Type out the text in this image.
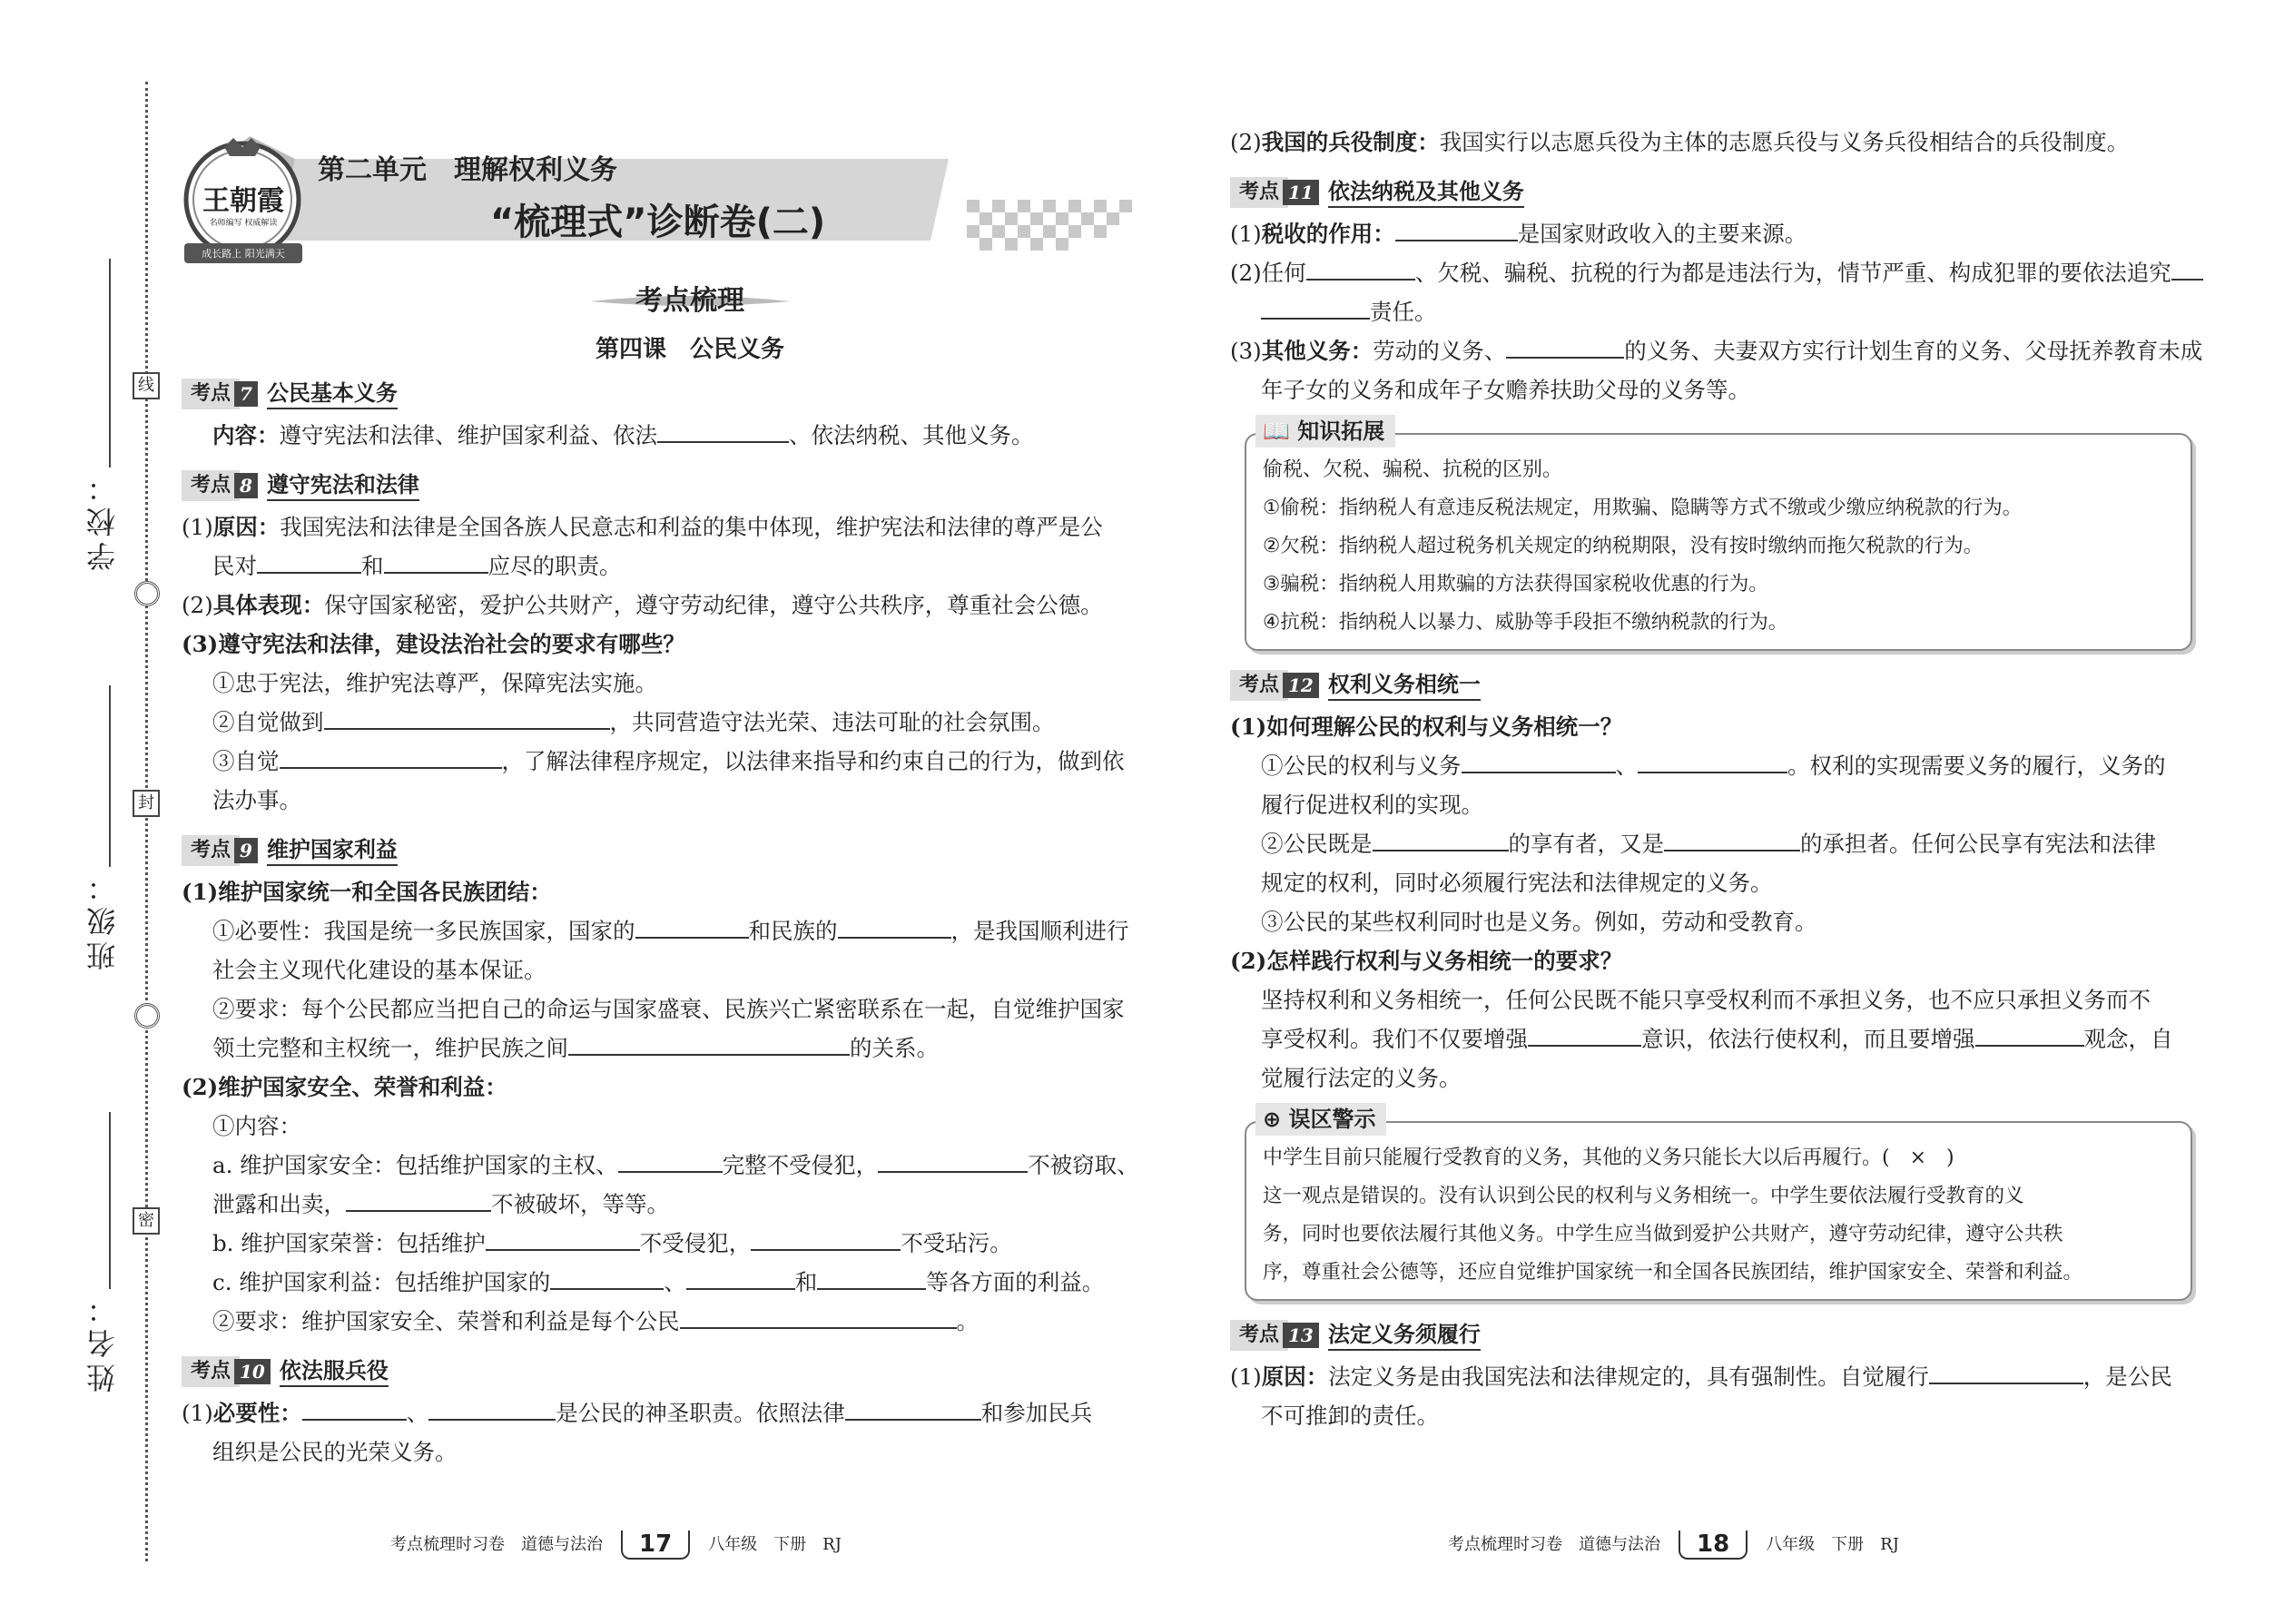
学校：
班级：
姓名：
线
封
密
王朝霞
名师编写 权威解读
成长路上 阳光满天
第二单元　理解权利义务
“梳理式”诊断卷(二)
考点梳理
第四课　公民义务
考点 7 公民基本义务

内容：遵守宪法和法律、维护国家利益、依法	、依法纳税、其他义务。

考点 8 遵守宪法和法律

(1)原因：我国宪法和法律是全国各族人民意志和利益的集中体现，维护宪法和法律的尊严是公

民对	和	应尽的职责。

(2)具体表现：保守国家秘密，爱护公共财产，遵守劳动纪律，遵守公共秩序，尊重社会公德。

(3)遵守宪法和法律，建设法治社会的要求有哪些？

①忠于宪法，维护宪法尊严，保障宪法实施。

②自觉做到	，共同营造守法光荣、违法可耻的社会氛围。

③自觉	，了解法律程序规定，以法律来指导和约束自己的行为，做到依

法办事。

考点 9 维护国家利益

(1)维护国家统一和全国各民族团结：

①必要性：我国是统一多民族国家，国家的	和民族的	，是我国顺利进行

社会主义现代化建设的基本保证。

②要求：每个公民都应当把自己的命运与国家盛衰、民族兴亡紧密联系在一起，自觉维护国家

领土完整和主权统一，维护民族之间	的关系。

(2)维护国家安全、荣誉和利益：

①内容：

a. 维护国家安全：包括维护国家的主权、	完整不受侵犯，	不被窃取、

泄露和出卖，	不被破坏，等等。

b. 维护国家荣誉：包括维护	不受侵犯，	不受玷污。

c. 维护国家利益：包括维护国家的	、	和	等各方面的利益。

②要求：维护国家安全、荣誉和利益是每个公民	。

考点 10 依法服兵役

(1)必要性：	、	是公民的神圣职责。依照法律	和参加民兵

组织是公民的光荣义务。

(2)我国的兵役制度：我国实行以志愿兵役为主体的志愿兵役与义务兵役相结合的兵役制度。

考点 11 依法纳税及其他义务

(1)税收的作用：	是国家财政收入的主要来源。

(2)任何	、欠税、骗税、抗税的行为都是违法行为，情节严重、构成犯罪的要依法追究

责任。

(3)其他义务：劳动的义务、	的义务、夫妻双方实行计划生育的义务、父母抚养教育未成

年子女的义务和成年子女赡养扶助父母的义务等。

📖 知识拓展

偷税、欠税、骗税、抗税的区别。

①偷税：指纳税人有意违反税法规定，用欺骗、隐瞒等方式不缴或少缴应纳税款的行为。

②欠税：指纳税人超过税务机关规定的纳税期限，没有按时缴纳而拖欠税款的行为。

③骗税：指纳税人用欺骗的方法获得国家税收优惠的行为。

④抗税：指纳税人以暴力、威胁等手段拒不缴纳税款的行为。

考点 12 权利义务相统一

(1)如何理解公民的权利与义务相统一？

①公民的权利与义务	、	。权利的实现需要义务的履行，义务的

履行促进权利的实现。

②公民既是	的享有者，又是	的承担者。任何公民享有宪法和法律

规定的权利，同时必须履行宪法和法律规定的义务。

③公民的某些权利同时也是义务。例如，劳动和受教育。

(2)怎样践行权利与义务相统一的要求？

坚持权利和义务相统一，任何公民既不能只享受权利而不承担义务，也不应只承担义务而不

享受权利。我们不仅要增强	意识，依法行使权利，而且要增强	观念，自

觉履行法定的义务。

⊕ 误区警示

中学生目前只能履行受教育的义务，其他的义务只能长大以后再履行。(　×　)

这一观点是错误的。没有认识到公民的权利与义务相统一。中学生要依法履行受教育的义

务，同时也要依法履行其他义务。中学生应当做到爱护公共财产，遵守劳动纪律，遵守公共秩

序，尊重社会公德等，还应自觉维护国家统一和全国各民族团结，维护国家安全、荣誉和利益。

考点 13 法定义务须履行

(1)原因：法定义务是由我国宪法和法律规定的，具有强制性。自觉履行	，是公民

不可推卸的责任。

考点梳理时习卷　道德与法治 17 八年级　下册　RJ	考点梳理时习卷　道德与法治 18 八年级　下册　RJ
